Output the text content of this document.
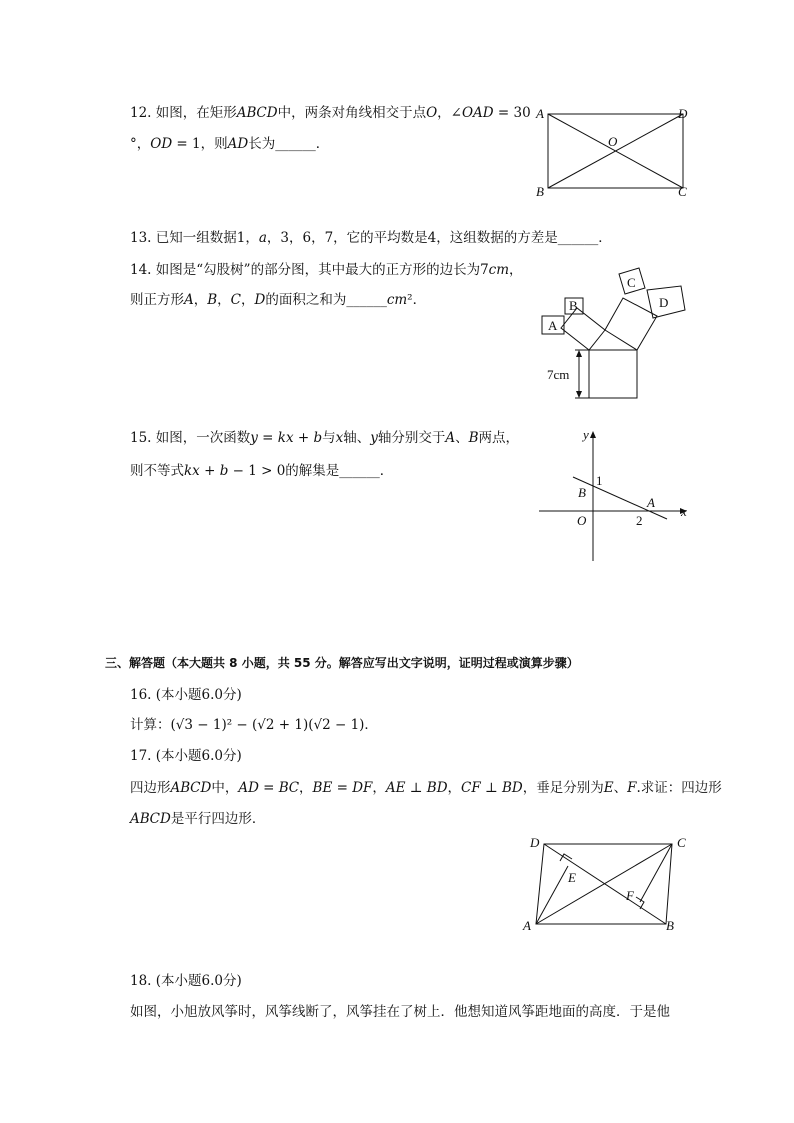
12. 如图，在矩形𝐴𝐵𝐶𝐷中，两条对角线相交于点𝑂，∠𝑂𝐴𝐷 = 30
°，𝑂𝐷 = 1，则𝐴𝐷长为______．
A	D
B	C
O
13. 已知一组数据1，𝑎，3，6，7，它的平均数是4，这组数据的方差是______．
14. 如图是“勾股树”的部分图，其中最大的正方形的边长为7𝑐𝑚，
则正方形𝐴，𝐵，𝐶，𝐷的面积之和为______𝑐𝑚²．
A
B
C
D
7cm
15. 如图，一次函数𝑦 = 𝑘𝑥 + 𝑏与𝑥轴、𝑦轴分别交于𝐴、𝐵两点，
则不等式𝑘𝑥 + 𝑏 − 1 > 0的解集是______．
y
x
O
B
A
1
2
三、解答题（本大题共 8 小题，共 55 分。解答应写出文字说明，证明过程或演算步骤）
16. (本小题6.0分)
计算：(√3 − 1)² − (√2 + 1)(√2 − 1)．
17. (本小题6.0分)
四边形𝐴𝐵𝐶𝐷中，𝐴𝐷 = 𝐵𝐶，𝐵𝐸 = 𝐷𝐹，𝐴𝐸 ⊥ 𝐵𝐷，𝐶𝐹 ⊥ 𝐵𝐷，垂足分别为𝐸、𝐹.求证：四边形
𝐴𝐵𝐶𝐷是平行四边形．
D	C
A	B
E
F
18. (本小题6.0分)
如图，小旭放风筝时，风筝线断了，风筝挂在了树上．他想知道风筝距地面的高度．于是他
